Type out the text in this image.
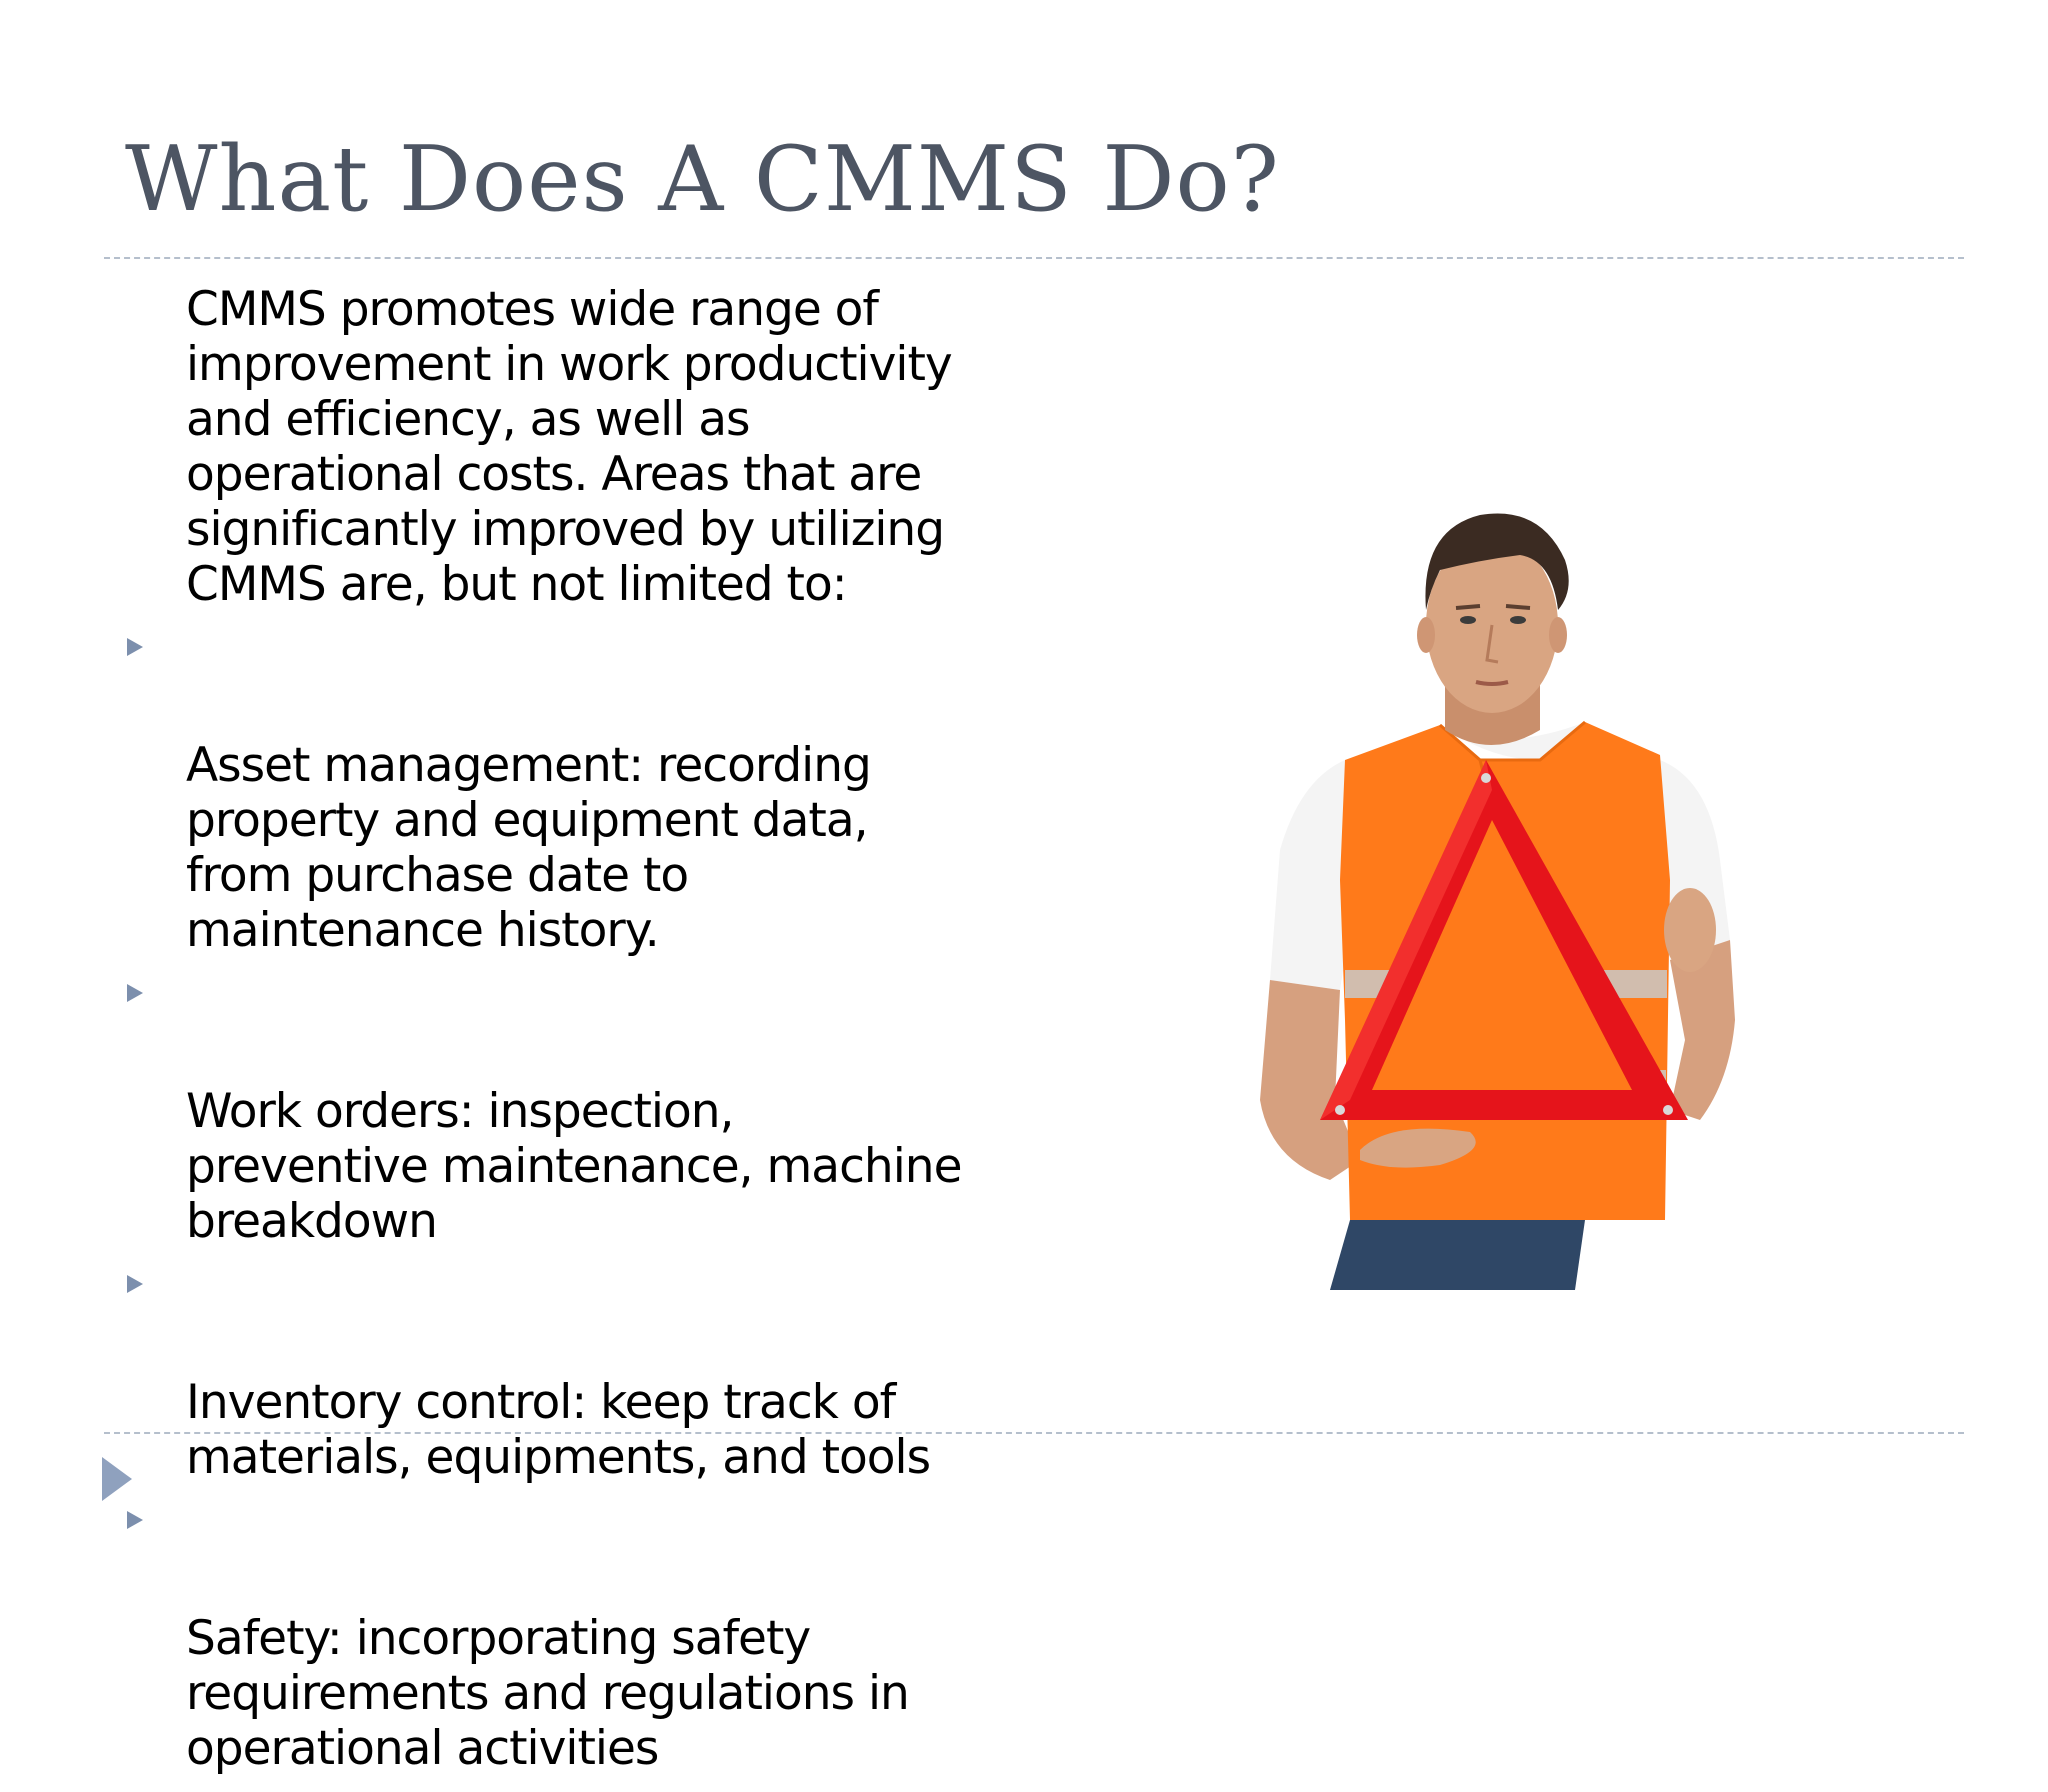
What Does A CMMS Do?

CMMS promotes wide range of
improvement in work productivity
and efficiency, as well as
operational costs. Areas that are
significantly improved by utilizing
CMMS are, but not limited to:

Asset management: recording
property and equipment data,
from purchase date to
maintenance history.

Work orders: inspection,
preventive maintenance, machine
breakdown

Inventory control: keep track of
materials, equipments, and tools

Safety: incorporating safety
requirements and regulations in
operational activities
